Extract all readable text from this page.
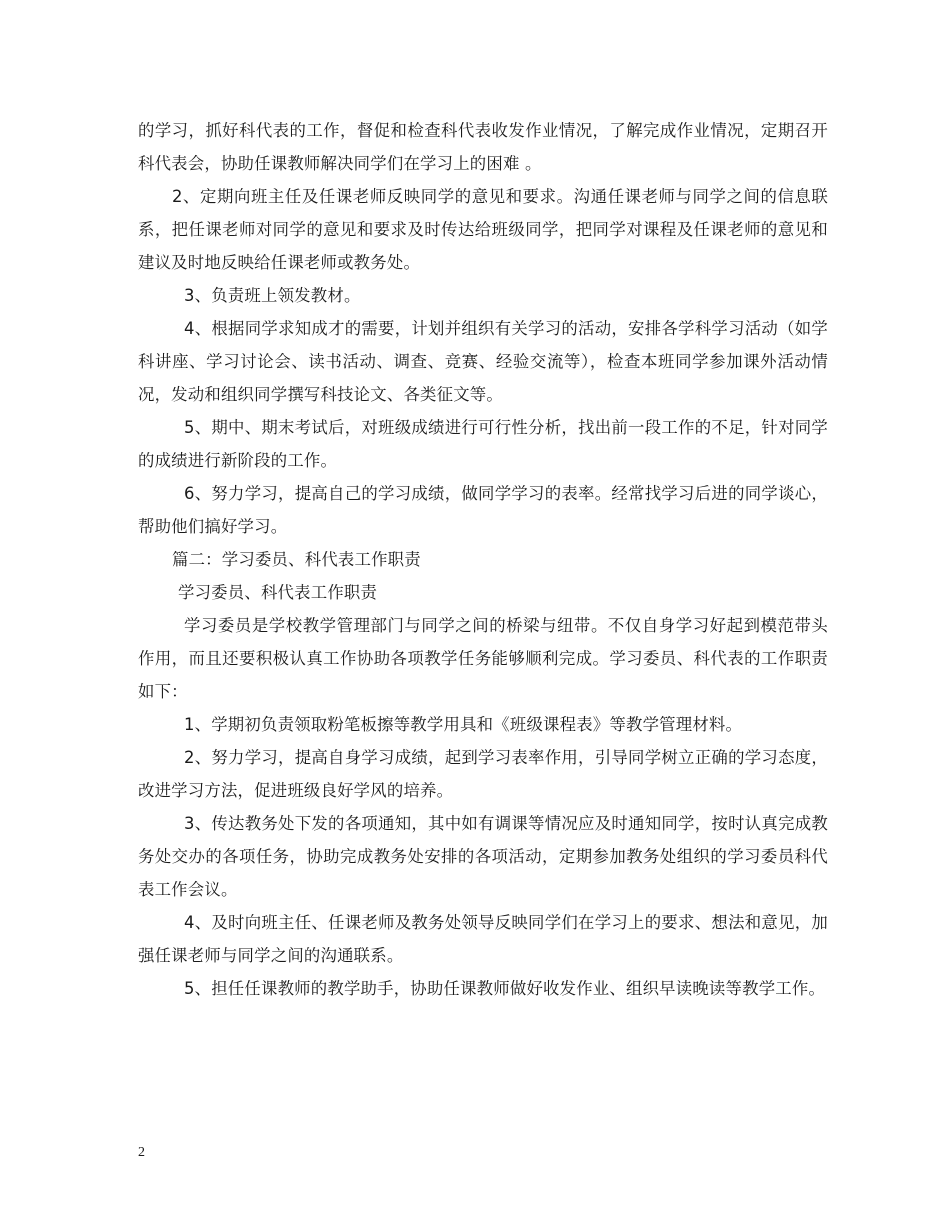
的学习，抓好科代表的工作，督促和检查科代表收发作业情况，了解完成作业情况，定期召开科代表会，协助任课教师解决同学们在学习上的困难 。

2、定期向班主任及任课老师反映同学的意见和要求。沟通任课老师与同学之间的信息联系，把任课老师对同学的意见和要求及时传达给班级同学，把同学对课程及任课老师的意见和建议及时地反映给任课老师或教务处。

3、负责班上领发教材。

4、根据同学求知成才的需要，计划并组织有关学习的活动，安排各学科学习活动（如学科讲座、学习讨论会、读书活动、调查、竞赛、经验交流等），检查本班同学参加课外活动情况，发动和组织同学撰写科技论文、各类征文等。

5、期中、期末考试后，对班级成绩进行可行性分析，找出前一段工作的不足，针对同学的成绩进行新阶段的工作。

6、努力学习，提高自己的学习成绩，做同学学习的表率。经常找学习后进的同学谈心，帮助他们搞好学习。

篇二：学习委员、科代表工作职责

学习委员、科代表工作职责

学习委员是学校教学管理部门与同学之间的桥梁与纽带。不仅自身学习好起到模范带头作用，而且还要积极认真工作协助各项教学任务能够顺利完成。学习委员、科代表的工作职责如下：

1、学期初负责领取粉笔板擦等教学用具和《班级课程表》等教学管理材料。

2、努力学习，提高自身学习成绩，起到学习表率作用，引导同学树立正确的学习态度，改进学习方法，促进班级良好学风的培养。

3、传达教务处下发的各项通知，其中如有调课等情况应及时通知同学，按时认真完成教务处交办的各项任务，协助完成教务处安排的各项活动，定期参加教务处组织的学习委员科代表工作会议。

4、及时向班主任、任课老师及教务处领导反映同学们在学习上的要求、想法和意见，加强任课老师与同学之间的沟通联系。

5、担任任课教师的教学助手，协助任课教师做好收发作业、组织早读晚读等教学工作。

2
